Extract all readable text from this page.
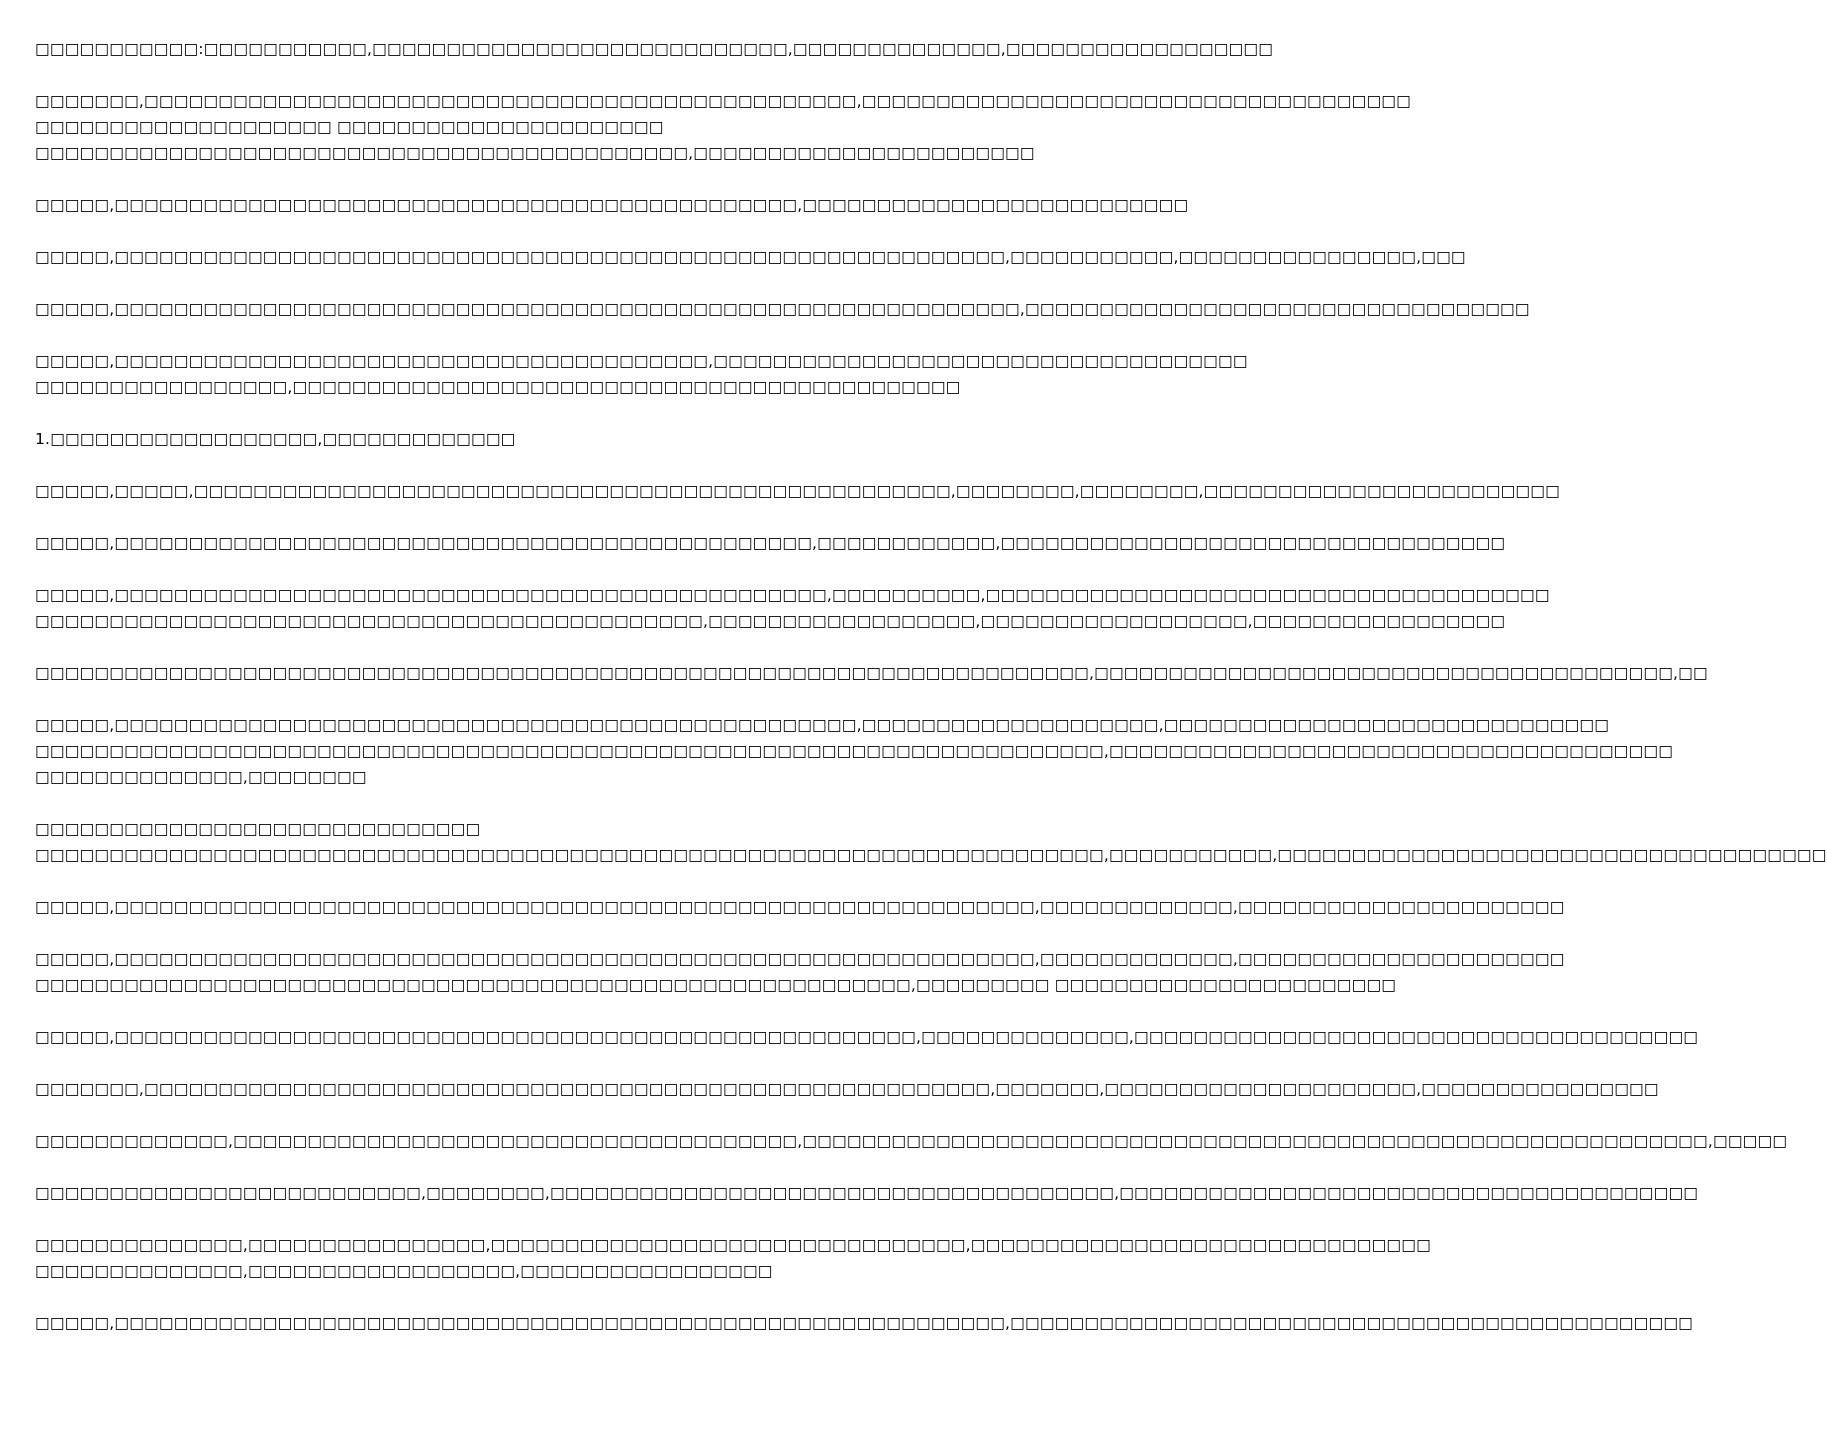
□□□□□□□□□□□:□□□□□□□□□□□,□□□□□□□□□□□□□□□□□□□□□□□□□□□□,□□□□□□□□□□□□□□,□□□□□□□□□□□□□□□□□□
□□□□□□□,□□□□□□□□□□□□□□□□□□□□□□□□□□□□□□□□□□□□□□□□□□□□□□□□,□□□□□□□□□□□□□□□□□□□□□□□□□□□□□□□□□□□□□
□□□□□□□□□□□□□□□□□□□□ □□□□□□□□□□□□□□□□□□□□□□
□□□□□□□□□□□□□□□□□□□□□□□□□□□□□□□□□□□□□□□□□□□□,□□□□□□□□□□□□□□□□□□□□□□□
□□□□□,□□□□□□□□□□□□□□□□□□□□□□□□□□□□□□□□□□□□□□□□□□□□□□,□□□□□□□□□□□□□□□□□□□□□□□□□□
□□□□□,□□□□□□□□□□□□□□□□□□□□□□□□□□□□□□□□□□□□□□□□□□□□□□□□□□□□□□□□□□□□,□□□□□□□□□□□,□□□□□□□□□□□□□□□□,□□□
□□□□□,□□□□□□□□□□□□□□□□□□□□□□□□□□□□□□□□□□□□□□□□□□□□□□□□□□□□□□□□□□□□□,□□□□□□□□□□□□□□□□□□□□□□□□□□□□□□□□□□
□□□□□,□□□□□□□□□□□□□□□□□□□□□□□□□□□□□□□□□□□□□□□□,□□□□□□□□□□□□□□□□□□□□□□□□□□□□□□□□□□□□
□□□□□□□□□□□□□□□□□,□□□□□□□□□□□□□□□□□□□□□□□□□□□□□□□□□□□□□□□□□□□□□
1.□□□□□□□□□□□□□□□□□□,□□□□□□□□□□□□□
□□□□□,□□□□□,□□□□□□□□□□□□□□□□□□□□□□□□□□□□□□□□□□□□□□□□□□□□□□□□□□□,□□□□□□□□,□□□□□□□□,□□□□□□□□□□□□□□□□□□□□□□□□
□□□□□,□□□□□□□□□□□□□□□□□□□□□□□□□□□□□□□□□□□□□□□□□□□□□□□,□□□□□□□□□□□□,□□□□□□□□□□□□□□□□□□□□□□□□□□□□□□□□□□
□□□□□,□□□□□□□□□□□□□□□□□□□□□□□□□□□□□□□□□□□□□□□□□□□□□□□□,□□□□□□□□□□,□□□□□□□□□□□□□□□□□□□□□□□□□□□□□□□□□□□□□□
□□□□□□□□□□□□□□□□□□□□□□□□□□□□□□□□□□□□□□□□□□□□□,□□□□□□□□□□□□□□□□□□,□□□□□□□□□□□□□□□□□□,□□□□□□□□□□□□□□□□□
□□□□□□□□□□□□□□□□□□□□□□□□□□□□□□□□□□□□□□□□□□□□□□□□□□□□□□□□□□□□□□□□□□□□□□□,□□□□□□□□□□□□□□□□□□□□□□□□□□□□□□□□□□□□□□□,□□
□□□□□,□□□□□□□□□□□□□□□□□□□□□□□□□□□□□□□□□□□□□□□□□□□□□□□□□□,□□□□□□□□□□□□□□□□□□□□,□□□□□□□□□□□□□□□□□□□□□□□□□□□□□□
□□□□□□□□□□□□□□□□□□□□□□□□□□□□□□□□□□□□□□□□□□□□□□□□□□□□□□□□□□□□□□□□□□□□□□□□,□□□□□□□□□□□□□□□□□□□□□□□□□□□□□□□□□□□□□□
□□□□□□□□□□□□□□,□□□□□□□□
□□□□□□□□□□□□□□□□□□□□□□□□□□□□□□
□□□□□□□□□□□□□□□□□□□□□□□□□□□□□□□□□□□□□□□□□□□□□□□□□□□□□□□□□□□□□□□□□□□□□□□□,□□□□□□□□□□□,□□□□□□□□□□□□□□□□□□□□□□□□□□□□□□□□□□□□□
□□□□□,□□□□□□□□□□□□□□□□□□□□□□□□□□□□□□□□□□□□□□□□□□□□□□□□□□□□□□□□□□□□□□,□□□□□□□□□□□□□,□□□□□□□□□□□□□□□□□□□□□□
□□□□□,□□□□□□□□□□□□□□□□□□□□□□□□□□□□□□□□□□□□□□□□□□□□□□□□□□□□□□□□□□□□□□,□□□□□□□□□□□□□,□□□□□□□□□□□□□□□□□□□□□□
□□□□□□□□□□□□□□□□□□□□□□□□□□□□□□□□□□□□□□□□□□□□□□□□□□□□□□□□□□□,□□□□□□□□□ □□□□□□□□□□□□□□□□□□□□□□□
□□□□□,□□□□□□□□□□□□□□□□□□□□□□□□□□□□□□□□□□□□□□□□□□□□□□□□□□□□□□,□□□□□□□□□□□□□□,□□□□□□□□□□□□□□□□□□□□□□□□□□□□□□□□□□□□□□
□□□□□□□,□□□□□□□□□□□□□□□□□□□□□□□□□□□□□□□□□□□□□□□□□□□□□□□□□□□□□□□□□,□□□□□□□,□□□□□□□□□□□□□□□□□□□□□,□□□□□□□□□□□□□□□□
□□□□□□□□□□□□□,□□□□□□□□□□□□□□□□□□□□□□□□□□□□□□□□□□□□□□,□□□□□□□□□□□□□□□□□□□□□□□□□□□□□□□□□□□□□□□□□□□□□□□□□□□□□□□□□□□□□,□□□□□
□□□□□□□□□□□□□□□□□□□□□□□□□□,□□□□□□□□,□□□□□□□□□□□□□□□□□□□□□□□□□□□□□□□□□□□□□□,□□□□□□□□□□□□□□□□□□□□□□□□□□□□□□□□□□□□□□□
□□□□□□□□□□□□□□,□□□□□□□□□□□□□□□□,□□□□□□□□□□□□□□□□□□□□□□□□□□□□□□□□,□□□□□□□□□□□□□□□□□□□□□□□□□□□□□□□
□□□□□□□□□□□□□□,□□□□□□□□□□□□□□□□□□,□□□□□□□□□□□□□□□□□
□□□□□,□□□□□□□□□□□□□□□□□□□□□□□□□□□□□□□□□□□□□□□□□□□□□□□□□□□□□□□□□□□□,□□□□□□□□□□□□□□□□□□□□□□□□□□□□□□□□□□□□□□□□□□□□□□
